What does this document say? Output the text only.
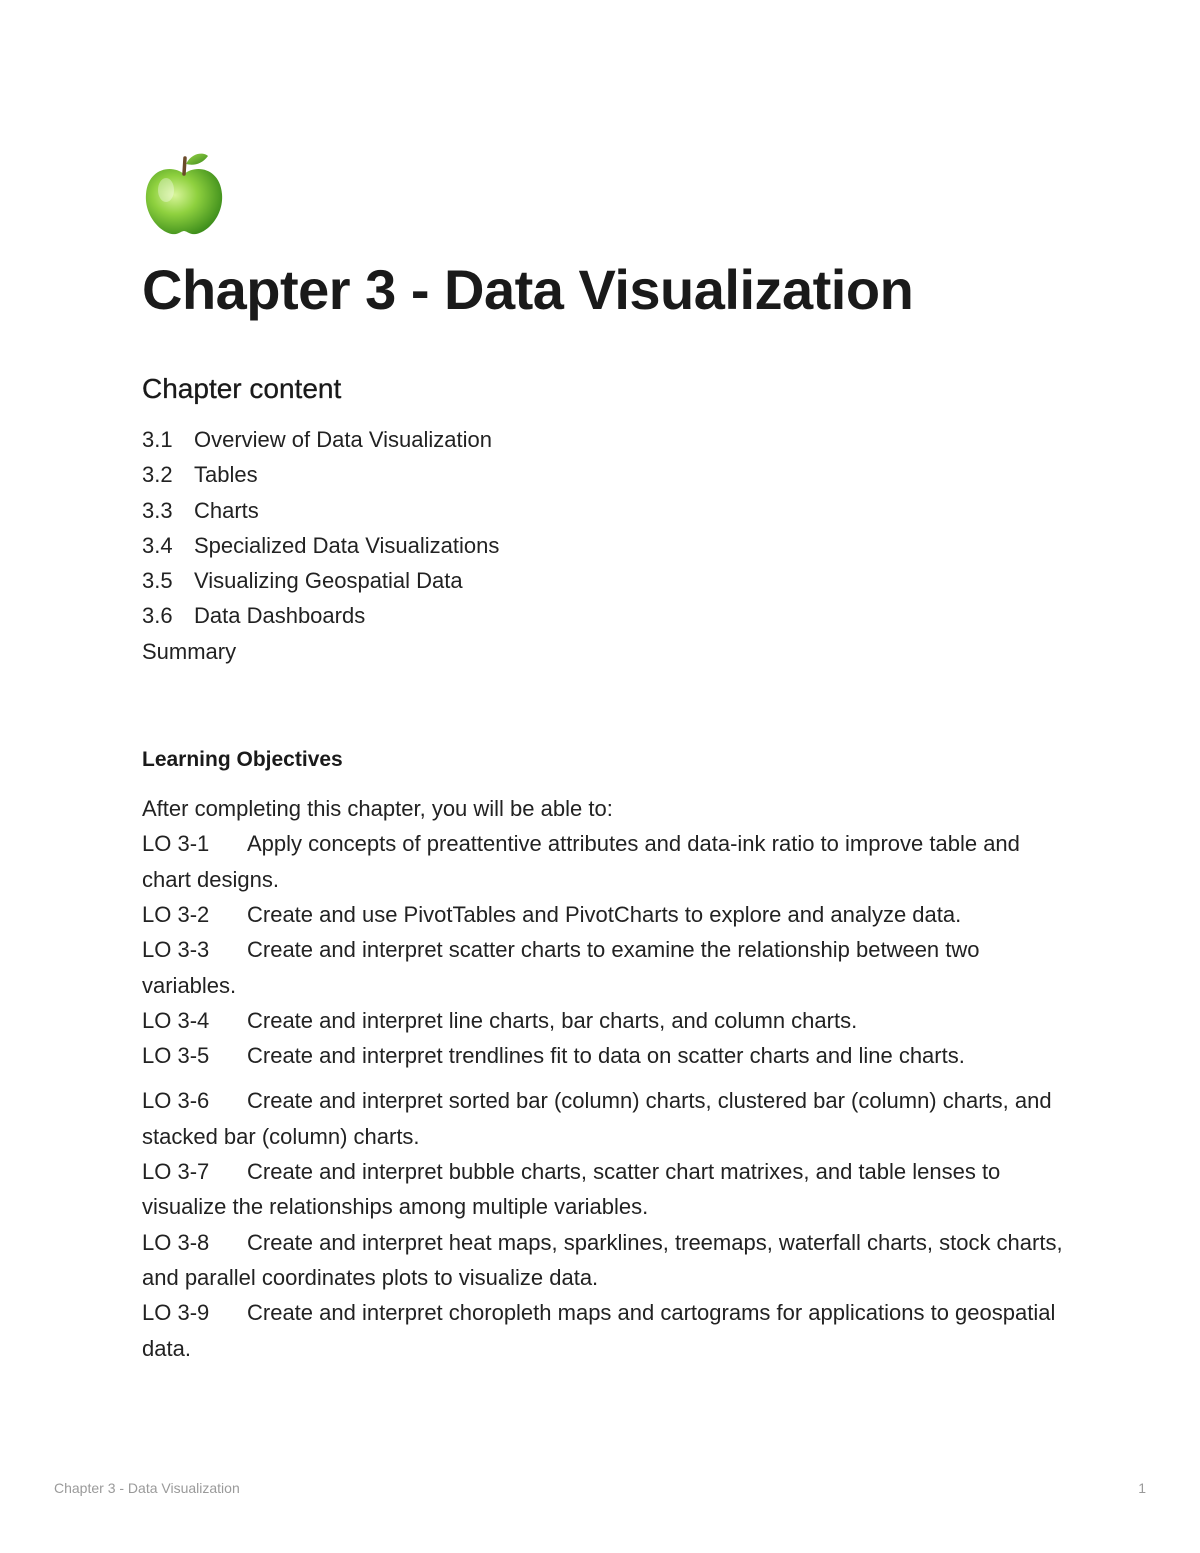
Chapter 3 - Data Visualization
Chapter content
3.1 Overview of Data Visualization
3.2 Tables
3.3 Charts
3.4 Specialized Data Visualizations
3.5 Visualizing Geospatial Data
3.6 Data Dashboards
Summary
Learning Objectives

After completing this chapter, you will be able to:

LO 3-1 Apply concepts of preattentive attributes and data-ink ratio to improve table and chart designs.
LO 3-2 Create and use PivotTables and PivotCharts to explore and analyze data.
LO 3-3 Create and interpret scatter charts to examine the relationship between two variables.
LO 3-4 Create and interpret line charts, bar charts, and column charts.
LO 3-5 Create and interpret trendlines fit to data on scatter charts and line charts.
LO 3-6 Create and interpret sorted bar (column) charts, clustered bar (column) charts, and stacked bar (column) charts.
LO 3-7 Create and interpret bubble charts, scatter chart matrixes, and table lenses to visualize the relationships among multiple variables.
LO 3-8 Create and interpret heat maps, sparklines, treemaps, waterfall charts, stock charts, and parallel coordinates plots to visualize data.
LO 3-9 Create and interpret choropleth maps and cartograms for applications to geospatial data.
Chapter 3 - Data Visualization	1
